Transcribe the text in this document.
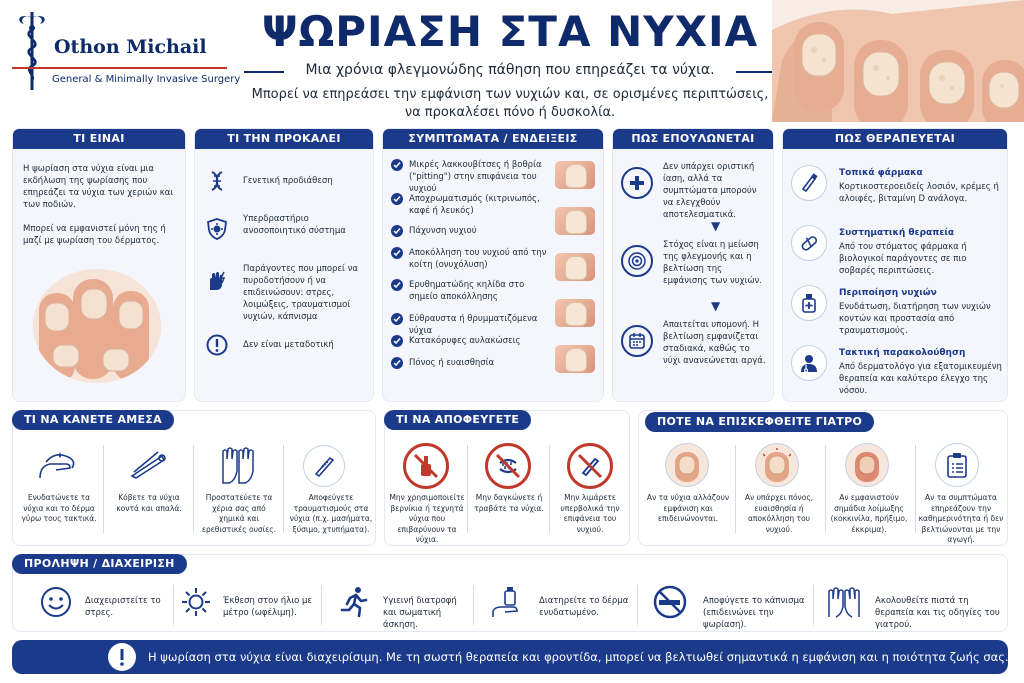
Othon Michail
General & Minimally Invasive Surgery
ΨΩΡΙΑΣΗ ΣΤΑ ΝΥΧΙΑ
Μια χρόνια φλεγμονώδης πάθηση που επηρεάζει τα νύχια.
Μπορεί να επηρεάσει την εμφάνιση των νυχιών και, σε ορισμένες περιπτώσεις,
να προκαλέσει πόνο ή δυσκολία.
ΤΙ ΕΙΝΑΙ
Η ψωρίαση στα νύχια είναι μια εκδήλωση της ψωρίασης που επηρεάζει τα νύχια των χεριών και των ποδιών.
Μπορεί να εμφανιστεί μόνη της ή μαζί με ψωρίαση του δέρματος.
ΤΙ ΤΗΝ ΠΡΟΚΑΛΕΙ
Γενετική προδιάθεση
Υπερδραστήριο ανοσοποιητικό σύστημα
Παράγοντες που μπορεί να πυροδοτήσουν ή να επιδεινώσουν: στρες, λοιμώξεις, τραυματισμοί νυχιών, κάπνισμα
Δεν είναι μεταδοτική
ΣΥΜΠΤΩΜΑΤΑ / ΕΝΔΕΙΞΕΙΣ
Μικρές λακκουβίτσες ή βοθρία ("pitting") στην επιφάνεια του νυχιού
Αποχρωματισμός (κιτρινωπός, καφέ ή λευκός)
Πάχυνση νυχιού
Αποκόλληση του νυχιού από την κοίτη (ονυχόλυση)
Ερυθηματώδης κηλίδα στο σημείο αποκόλλησης
Εύθραυστα ή θρυμματιζόμενα νύχια
Κατακόρυφες αυλακώσεις
Πόνος ή ευαισθησία
ΠΩΣ ΕΠΟΥΛΩΝΕΤΑΙ
Δεν υπάρχει οριστική ίαση, αλλά τα συμπτώματα μπορούν να ελεγχθούν αποτελεσματικά.
▼
Στόχος είναι η μείωση της φλεγμονής και η βελτίωση της εμφάνισης των νυχιών.
▼
Απαιτείται υπομονή. Η βελτίωση εμφανίζεται σταδιακά, καθώς το νύχι ανανεώνεται αργά.
ΠΩΣ ΘΕΡΑΠΕΥΕΤΑΙ
Τοπικά φάρμακα
Κορτικοστεροειδείς λοσιόν, κρέμες ή αλοιφές, βιταμίνη D ανάλογα.
Συστηματική θεραπεία
Από του στόματος φάρμακα ή βιολογικοί παράγοντες σε πιο σοβαρές περιπτώσεις.
Περιποίηση νυχιών
Ενυδάτωση, διατήρηση των νυχιών κοντών και προστασία από τραυματισμούς.
Τακτική παρακολούθηση
Από δερματολόγο για εξατομικευμένη θεραπεία και καλύτερο έλεγχο της νόσου.
ΤΙ ΝΑ ΚΑΝΕΤΕ ΑΜΕΣΑ
Ενυδατώνετε τα νύχια και το δέρμα γύρω τους τακτικά.
Κόβετε τα νύχια κοντά και απαλά.
Προστατεύετε τα χέρια σας από χημικά και ερεθιστικές ουσίες.
Αποφεύγετε τραυματισμούς στα νύχια (π.χ. μασήματα, ξύσιμο, χτυπήματα).
ΤΙ ΝΑ ΑΠΟΦΕΥΓΕΤΕ
Μην χρησιμοποιείτε βερνίκια ή τεχνητά νύχια που επιβαρύνουν τα νύχια.
Μην δαγκώνετε ή τραβάτε τα νύχια.
Μην λιμάρετε υπερβολικά την επιφάνεια του νυχιού.
ΠΟΤΕ ΝΑ ΕΠΙΣΚΕΦΘΕΙΤΕ ΓΙΑΤΡΟ
Αν τα νύχια αλλάζουν εμφάνιση και επιδεινώνονται.
Αν υπάρχει πόνος, ευαισθησία ή αποκόλληση του νυχιού.
Αν εμφανιστούν σημάδια λοίμωξης (κοκκινίλα, πρήξιμο, έκκριμα).
Αν τα συμπτώματα επηρεάζουν την καθημερινότητα ή δεν βελτιώνονται με την αγωγή.
ΠΡΟΛΗΨΗ / ΔΙΑΧΕΙΡΙΣΗ
Διαχειριστείτε το στρες.
Έκθεση στον ήλιο με μέτρο (ωφέλιμη).
Υγιεινή διατροφή και σωματική άσκηση.
Διατηρείτε το δέρμα ενυδατωμένο.
Αποφύγετε το κάπνισμα (επιδεινώνει την ψωρίαση).
Ακολουθείτε πιστά τη θεραπεία και τις οδηγίες του γιατρού.
Η ψωρίαση στα νύχια είναι διαχειρίσιμη. Με τη σωστή θεραπεία και φροντίδα, μπορεί να βελτιωθεί σημαντικά η εμφάνιση και η ποιότητα ζωής σας.
